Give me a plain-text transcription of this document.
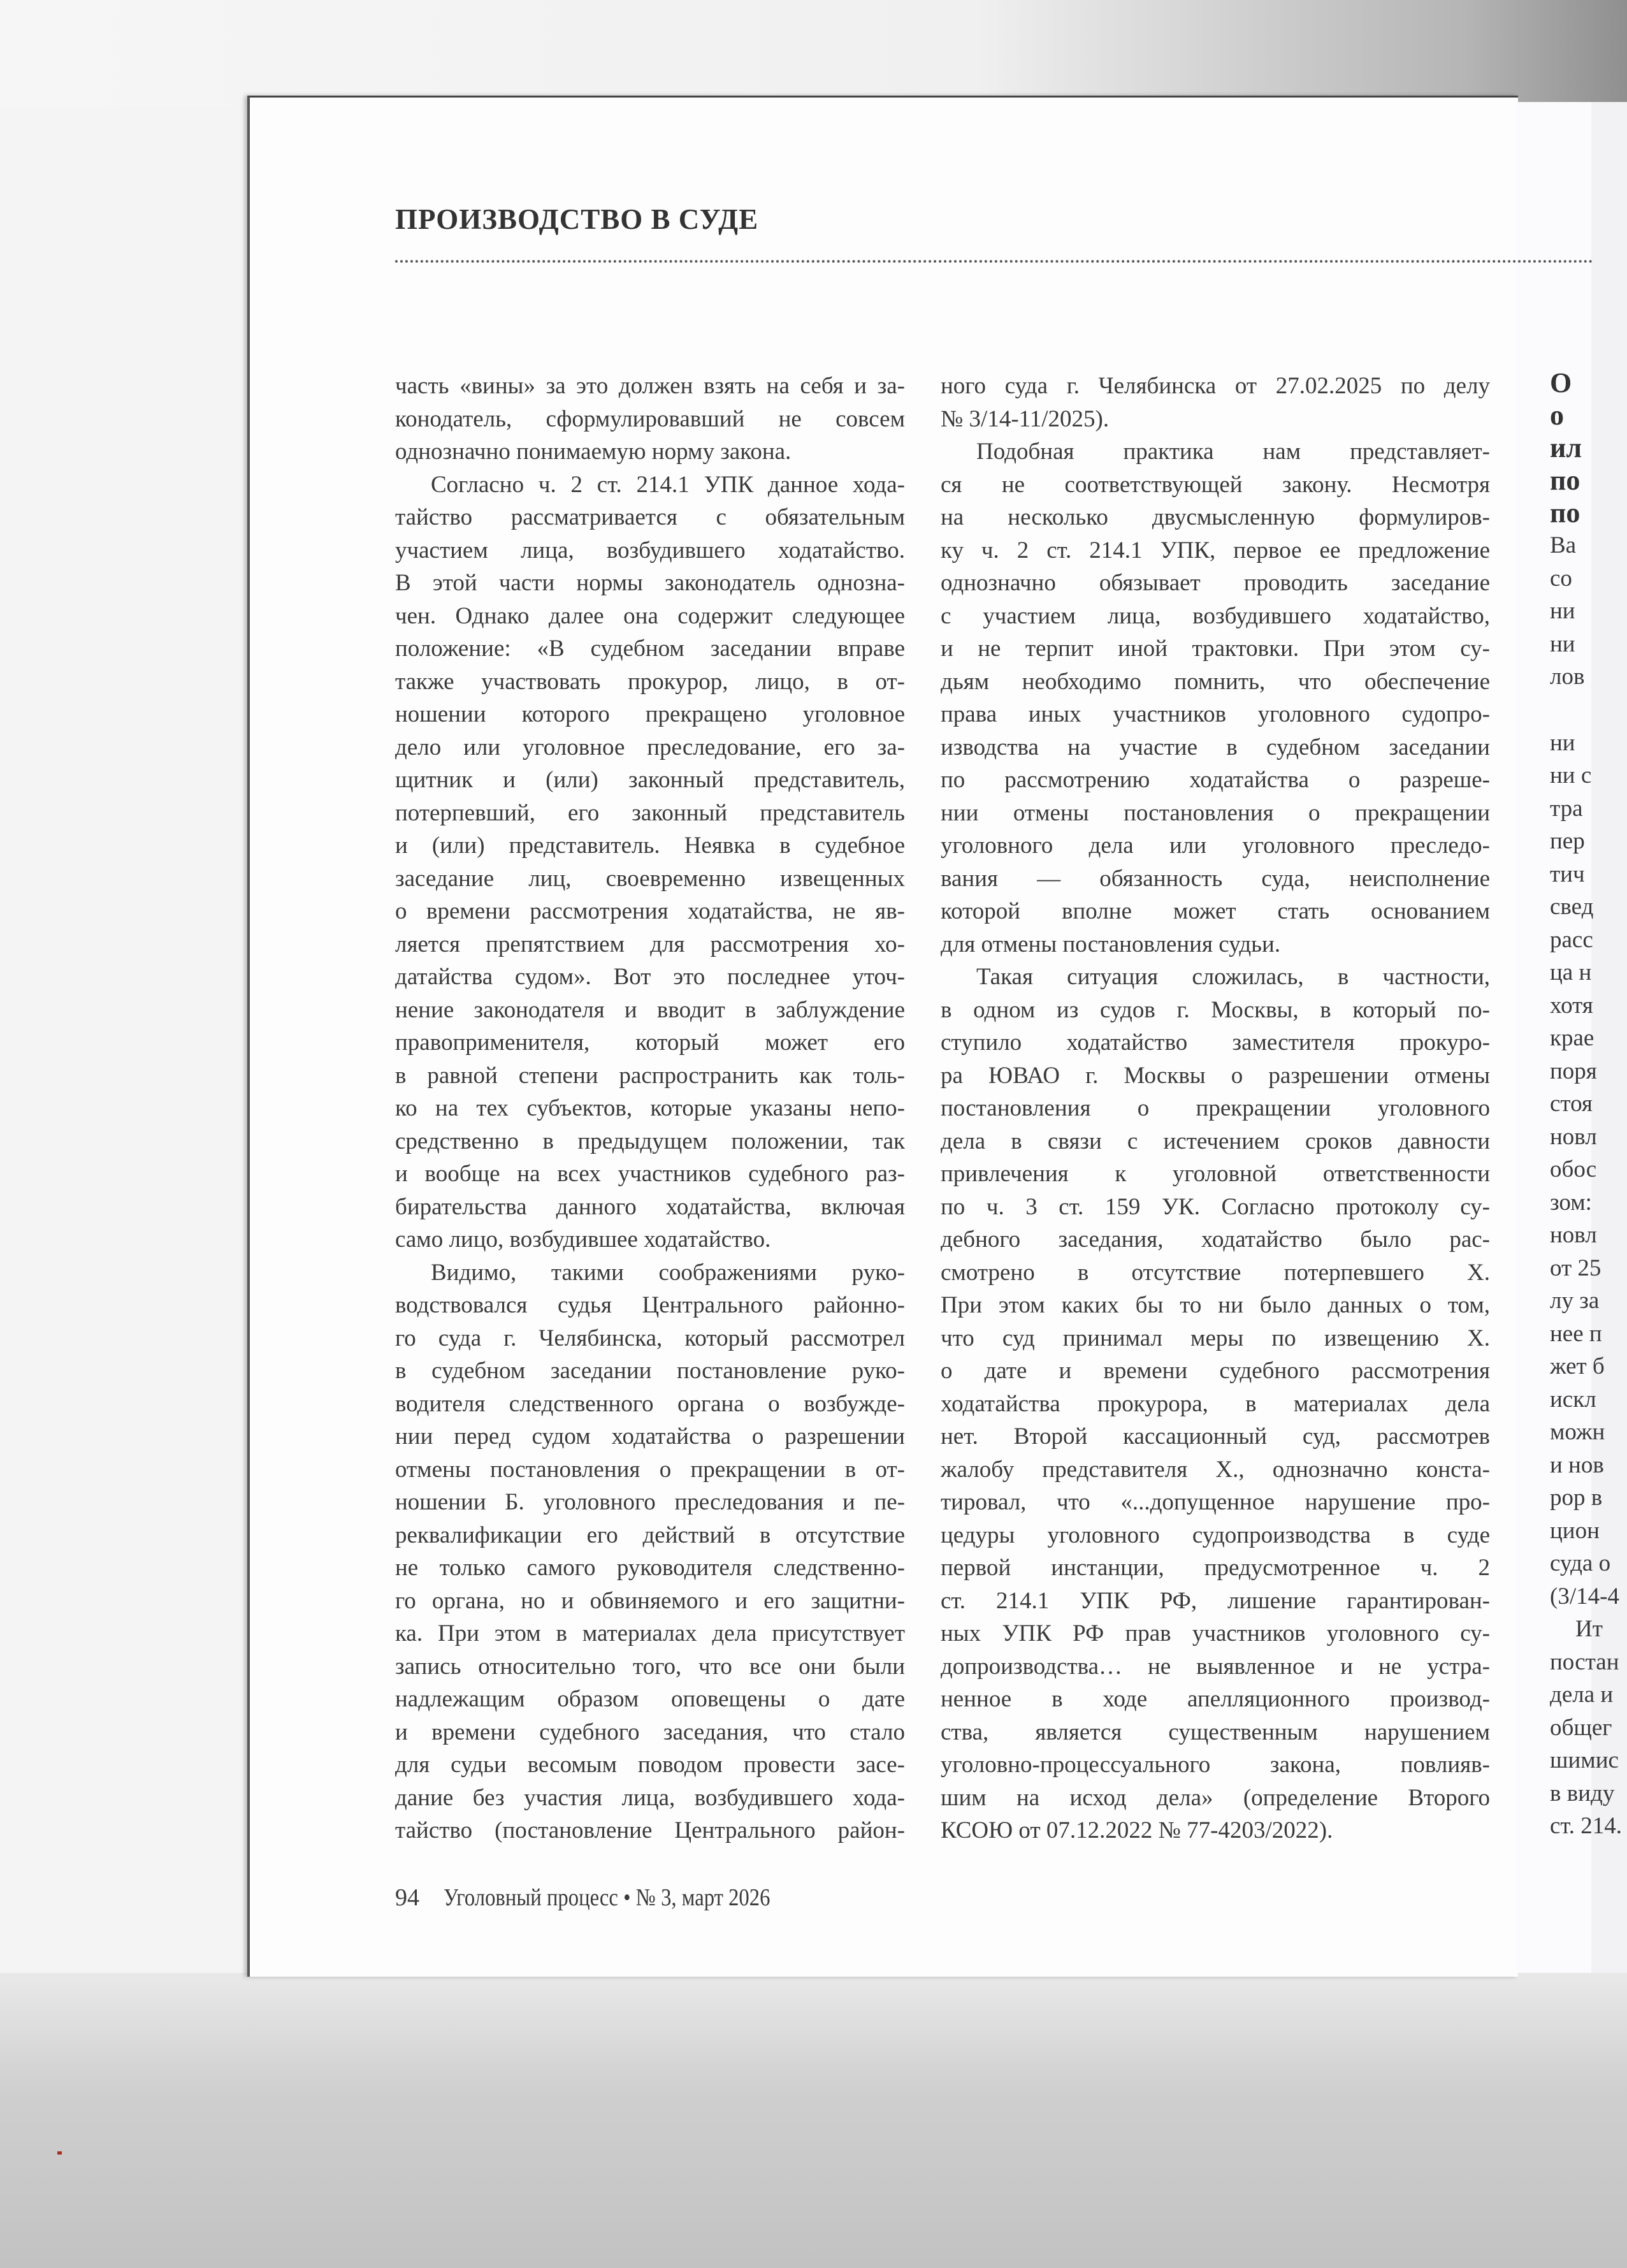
О
о
ил
по
по
Ва
со
ни
ни
лов
ни
ни с
тра
пер
тич
свед
расс
ца н
хотя
крае
поря
стоя
новл
обос
зом:
новл
от 25
лу за
нее п
жет б
искл
можн
и нов
рор в
цион
суда о
(3/14-4
Ит
постан
дела и
общег
шимис
в виду
ст. 214.
ПРОИЗВОДСТВО В СУДЕ
часть «вины» за это должен взять на себя и за-
конодатель, сформулировавший не совсем
однозначно понимаемую норму закона.
Согласно ч. 2 ст. 214.1 УПК данное хода-
тайство рассматривается с обязательным
участием лица, возбудившего ходатайство.
В этой части нормы законодатель однозна-
чен. Однако далее она содержит следующее
положение: «В судебном заседании вправе
также участвовать прокурор, лицо, в от-
ношении которого прекращено уголовное
дело или уголовное преследование, его за-
щитник и (или) законный представитель,
потерпевший, его законный представитель
и (или) представитель. Неявка в судебное
заседание лиц, своевременно извещенных
о времени рассмотрения ходатайства, не яв-
ляется препятствием для рассмотрения хо-
датайства судом». Вот это последнее уточ-
нение законодателя и вводит в заблуждение
правоприменителя, который может его
в равной степени распространить как толь-
ко на тех субъектов, которые указаны непо-
средственно в предыдущем положении, так
и вообще на всех участников судебного раз-
бирательства данного ходатайства, включая
само лицо, возбудившее ходатайство.
Видимо, такими соображениями руко-
водствовался судья Центрального районно-
го суда г. Челябинска, который рассмотрел
в судебном заседании постановление руко-
водителя следственного органа о возбужде-
нии перед судом ходатайства о разрешении
отмены постановления о прекращении в от-
ношении Б. уголовного преследования и пе-
реквалификации его действий в отсутствие
не только самого руководителя следственно-
го органа, но и обвиняемого и его защитни-
ка. При этом в материалах дела присутствует
запись относительно того, что все они были
надлежащим образом оповещены о дате
и времени судебного заседания, что стало
для судьи весомым поводом провести засе-
дание без участия лица, возбудившего хода-
тайство (постановление Центрального район-
ного суда г. Челябинска от 27.02.2025 по делу
№ 3/14-11/2025).
Подобная практика нам представляет-
ся не соответствующей закону. Несмотря
на несколько двусмысленную формулиров-
ку ч. 2 ст. 214.1 УПК, первое ее предложение
однозначно обязывает проводить заседание
с участием лица, возбудившего ходатайство,
и не терпит иной трактовки. При этом су-
дьям необходимо помнить, что обеспечение
права иных участников уголовного судопро-
изводства на участие в судебном заседании
по рассмотрению ходатайства о разреше-
нии отмены постановления о прекращении
уголовного дела или уголовного преследо-
вания — обязанность суда, неисполнение
которой вполне может стать основанием
для отмены постановления судьи.
Такая ситуация сложилась, в частности,
в одном из судов г. Москвы, в который по-
ступило ходатайство заместителя прокуро-
ра ЮВАО г. Москвы о разрешении отмены
постановления о прекращении уголовного
дела в связи с истечением сроков давности
привлечения к уголовной ответственности
по ч. 3 ст. 159 УК. Согласно протоколу су-
дебного заседания, ходатайство было рас-
смотрено в отсутствие потерпевшего Х.
При этом каких бы то ни было данных о том,
что суд принимал меры по извещению Х.
о дате и времени судебного рассмотрения
ходатайства прокурора, в материалах дела
нет. Второй кассационный суд, рассмотрев
жалобу представителя Х., однозначно конста-
тировал, что «...допущенное нарушение про-
цедуры уголовного судопроизводства в суде
первой инстанции, предусмотренное ч. 2
ст. 214.1 УПК РФ, лишение гарантирован-
ных УПК РФ прав участников уголовного су-
допроизводства… не выявленное и не устра-
ненное в ходе апелляционного производ-
ства, является существенным нарушением
уголовно-процессуального закона, повлияв-
шим на исход дела» (определение Второго
КСОЮ от 07.12.2022 № 77-4203/2022).
94 Уголовный процесс • № 3, март 2026
